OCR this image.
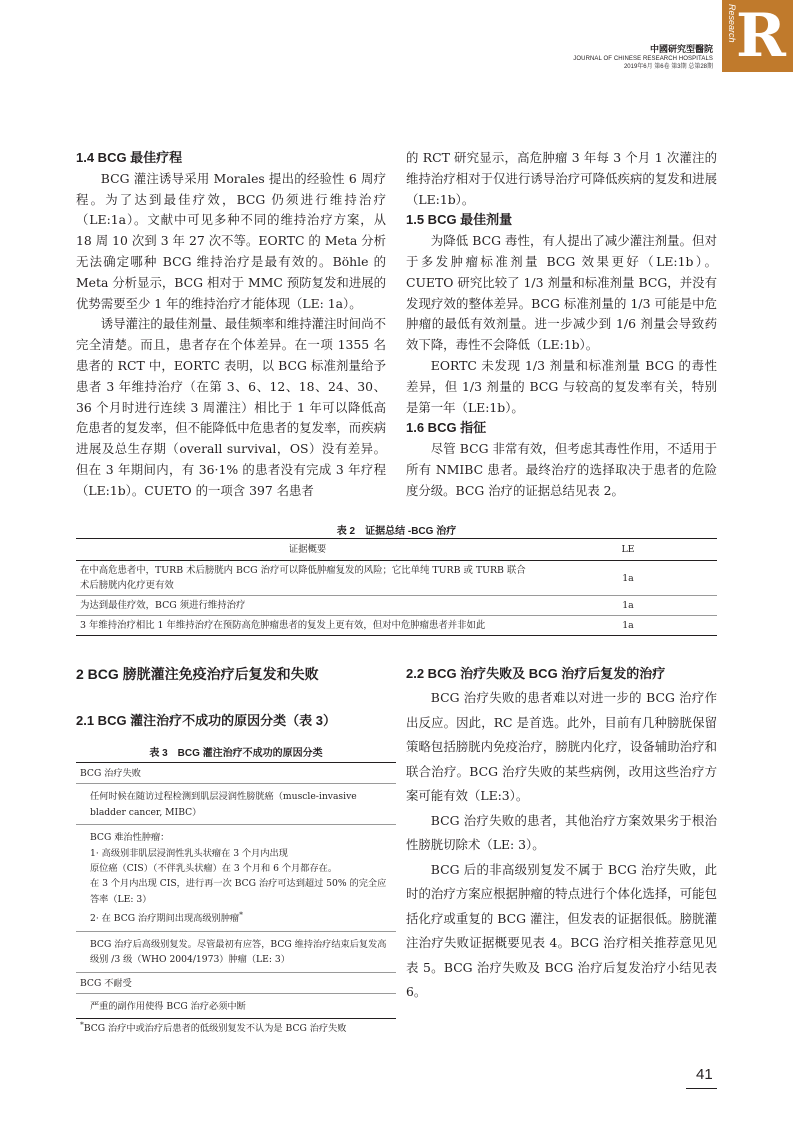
Research R
中國研究型醫院
JOURNAL OF CHINESE RESEARCH HOSPITALS
2019年6月 第6卷 第3期 总第28期
1.4 BCG 最佳疗程

BCG 灌注诱导采用 Morales 提出的经验性 6 周疗程。为了达到最佳疗效，BCG 仍须进行维持治疗（LE:1a）。文献中可见多种不同的维持治疗方案，从 18 周 10 次到 3 年 27 次不等。EORTC 的 Meta 分析无法确定哪种 BCG 维持治疗是最有效的。Böhle 的 Meta 分析显示，BCG 相对于 MMC 预防复发和进展的优势需要至少 1 年的维持治疗才能体现（LE: 1a）。

诱导灌注的最佳剂量、最佳频率和维持灌注时间尚不完全清楚。而且，患者存在个体差异。在一项 1355 名患者的 RCT 中，EORTC 表明，以 BCG 标准剂量给予患者 3 年维持治疗（在第 3、6、12、18、24、30、36 个月时进行连续 3 周灌注）相比于 1 年可以降低高危患者的复发率，但不能降低中危患者的复发率，而疾病进展及总生存期（overall survival，OS）没有差异。但在 3 年期间内，有 36·1% 的患者没有完成 3 年疗程（LE:1b）。CUETO 的一项含 397 名患者

的 RCT 研究显示，高危肿瘤 3 年每 3 个月 1 次灌注的维持治疗相对于仅进行诱导治疗可降低疾病的复发和进展（LE:1b）。

1.5 BCG 最佳剂量

为降低 BCG 毒性，有人提出了减少灌注剂量。但对于多发肿瘤标准剂量 BCG 效果更好（LE:1b）。CUETO 研究比较了 1/3 剂量和标准剂量 BCG，并没有发现疗效的整体差异。BCG 标准剂量的 1/3 可能是中危肿瘤的最低有效剂量。进一步减少到 1/6 剂量会导致药效下降，毒性不会降低（LE:1b）。

EORTC 未发现 1/3 剂量和标准剂量 BCG 的毒性差异，但 1/3 剂量的 BCG 与较高的复发率有关，特别是第一年（LE:1b）。

1.6 BCG 指征

尽管 BCG 非常有效，但考虑其毒性作用，不适用于所有 NMIBC 患者。最终治疗的选择取决于患者的危险度分级。BCG 治疗的证据总结见表 2。

表 2　证据总结 -BCG 治疗
证据概要	LE
在中高危患者中，TURB 术后膀胱内 BCG 治疗可以降低肿瘤复发的风险；它比单纯 TURB 或 TURB 联合术后膀胱内化疗更有效	1a
为达到最佳疗效，BCG 须进行维持治疗	1a
3 年维持治疗相比 1 年维持治疗在预防高危肿瘤患者的复发上更有效，但对中危肿瘤患者并非如此	1a
2 BCG 膀胱灌注免疫治疗后复发和失败
2.1 BCG 灌注治疗不成功的原因分类（表 3）
表 3　BCG 灌注治疗不成功的原因分类
BCG 治疗失败
任何时候在随访过程检测到肌层浸润性膀胱癌（muscle-invasive bladder cancer, MIBC）
BCG 难治性肿瘤：
1· 高级别非肌层浸润性乳头状瘤在 3 个月内出现
原位癌（CIS）（不伴乳头状瘤）在 3 个月和 6 个月都存在。
在 3 个月内出现 CIS，进行再一次 BCG 治疗可达到超过 50% 的完全应答率（LE: 3）
2· 在 BCG 治疗期间出现高级别肿瘤*
BCG 治疗后高级别复发。尽管最初有应答，BCG 维持治疗结束后复发高级别 /3 级（WHO 2004/1973）肿瘤（LE: 3）
BCG 不耐受
严重的副作用使得 BCG 治疗必须中断
*BCG 治疗中或治疗后患者的低级别复发不认为是 BCG 治疗失败
2.2 BCG 治疗失败及 BCG 治疗后复发的治疗

BCG 治疗失败的患者难以对进一步的 BCG 治疗作出反应。因此，RC 是首选。此外，目前有几种膀胱保留策略包括膀胱内免疫治疗，膀胱内化疗，设备辅助治疗和联合治疗。BCG 治疗失败的某些病例，改用这些治疗方案可能有效（LE:3）。

BCG 治疗失败的患者，其他治疗方案效果劣于根治性膀胱切除术（LE: 3）。

BCG 后的非高级别复发不属于 BCG 治疗失败，此时的治疗方案应根据肿瘤的特点进行个体化选择，可能包括化疗或重复的 BCG 灌注，但发表的证据很低。膀胱灌注治疗失败证据概要见表 4。BCG 治疗相关推荐意见见表 5。BCG 治疗失败及 BCG 治疗后复发治疗小结见表 6。

41
